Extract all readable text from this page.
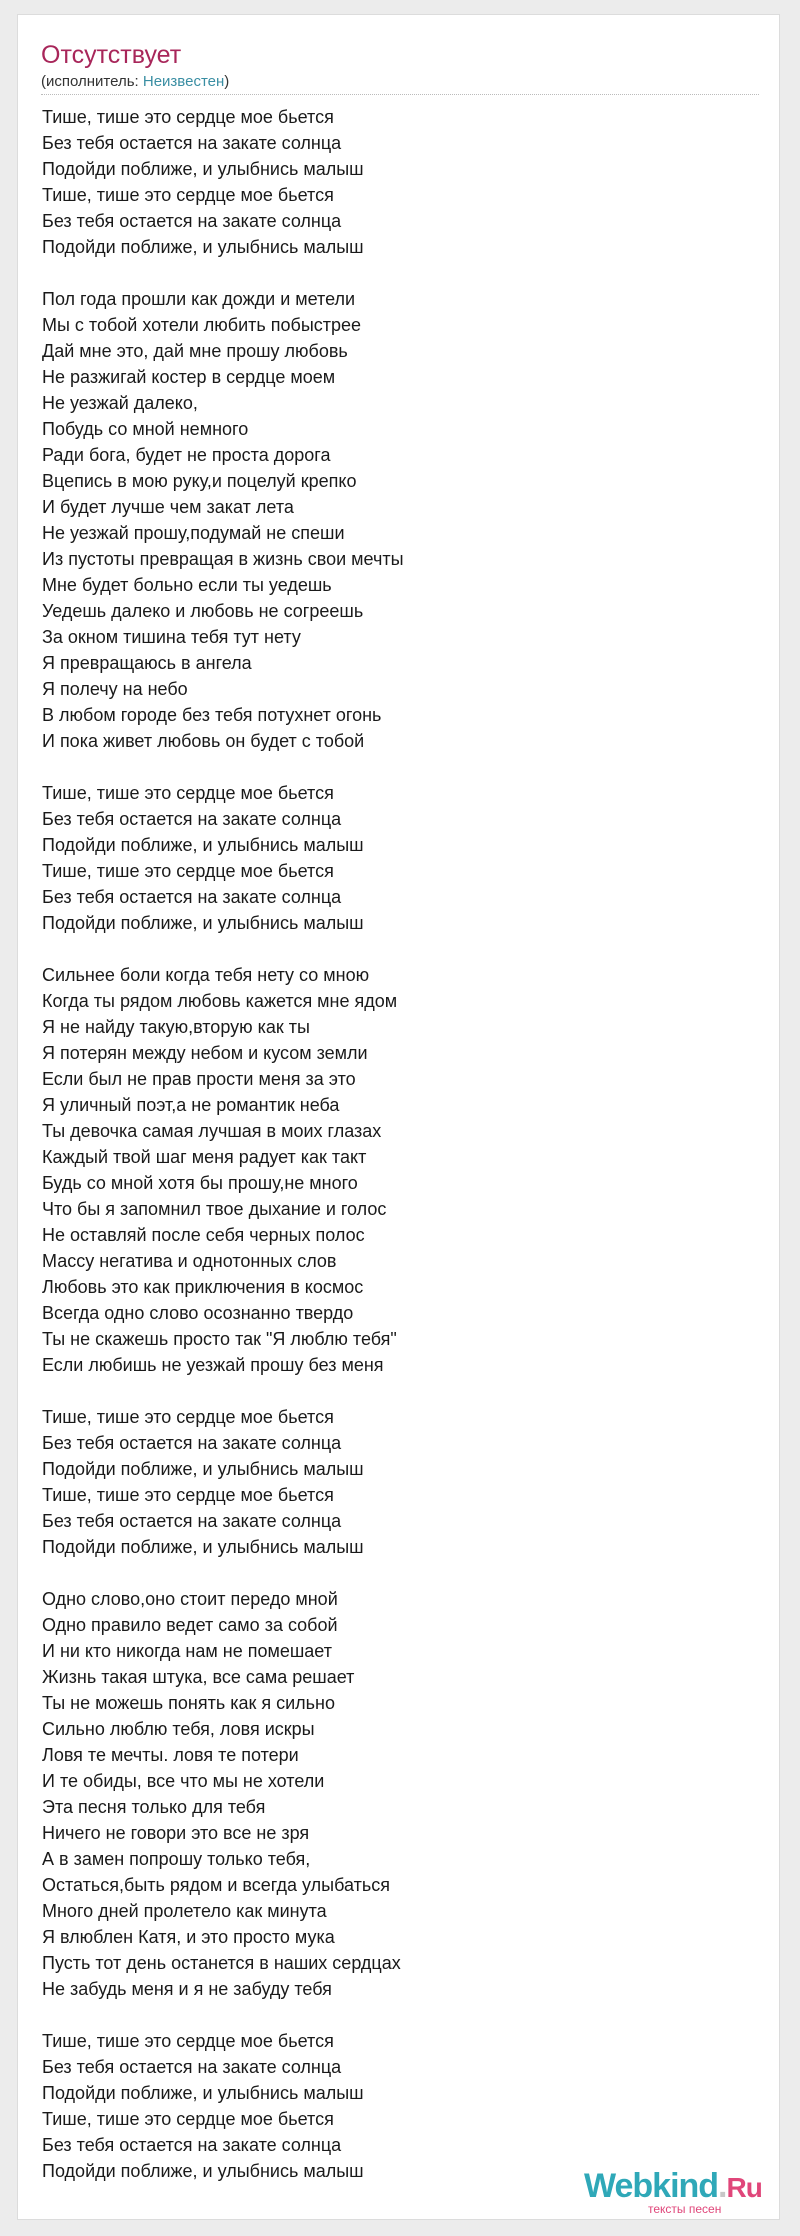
Отсутствует
(исполнитель: Неизвестен)
Тише, тише это сердце мое бьется
Без тебя остается на закате солнца
Подойди поближе, и улыбнись малыш
Тише, тише это сердце мое бьется
Без тебя остается на закате солнца
Подойди поближе, и улыбнись малыш
Пол года прошли как дожди и метели
Мы с тобой хотели любить побыстрее
Дай мне это, дай мне прошу любовь
Не разжигай костер в сердце моем
Не уезжай далеко,
Побудь со мной немного
Ради бога, будет не проста дорога
Вцепись в мою руку,и поцелуй крепко
И будет лучше чем закат лета
Не уезжай прошу,подумай не спеши
Из пустоты превращая в жизнь свои мечты
Мне будет больно если ты уедешь
Уедешь далеко и любовь не согреешь
За окном тишина тебя тут нету
Я превращаюсь в ангела
Я полечу на небо
В любом городе без тебя потухнет огонь
И пока живет любовь он будет с тобой
Тише, тише это сердце мое бьется
Без тебя остается на закате солнца
Подойди поближе, и улыбнись малыш
Тише, тише это сердце мое бьется
Без тебя остается на закате солнца
Подойди поближе, и улыбнись малыш
Сильнее боли когда тебя нету со мною
Когда ты рядом любовь кажется мне ядом
Я не найду такую,вторую как ты
Я потерян между небом и кусом земли
Если был не прав прости меня за это
Я уличный поэт,а не романтик неба
Ты девочка самая лучшая в моих глазах
Каждый твой шаг меня радует как такт
Будь со мной хотя бы прошу,не много
Что бы я запомнил твое дыхание и голос
Не оставляй после себя черных полос
Массу негатива и однотонных слов
Любовь это как приключения в космос
Всегда одно слово осознанно твердо
Ты не скажешь просто так "Я люблю тебя"
Если любишь не уезжай прошу без меня
Тише, тише это сердце мое бьется
Без тебя остается на закате солнца
Подойди поближе, и улыбнись малыш
Тише, тише это сердце мое бьется
Без тебя остается на закате солнца
Подойди поближе, и улыбнись малыш
Одно слово,оно стоит передо мной
Одно правило ведет само за собой
И ни кто никогда нам не помешает
Жизнь такая штука, все сама решает
Ты не можешь понять как я сильно
Сильно люблю тебя, ловя искры
Ловя те мечты. ловя те потери
И те обиды, все что мы не хотели
Эта песня только для тебя
Ничего не говори это все не зря
А в замен попрошу только тебя,
Остаться,быть рядом и всегда улыбаться
Много дней пролетело как минута
Я влюблен Катя, и это просто мука
Пусть тот день останется в наших сердцах
Не забудь меня и я не забуду тебя
Тише, тише это сердце мое бьется
Без тебя остается на закате солнца
Подойди поближе, и улыбнись малыш
Тише, тише это сердце мое бьется
Без тебя остается на закате солнца
Подойди поближе, и улыбнись малыш	Webkind.Ru
тексты песен
